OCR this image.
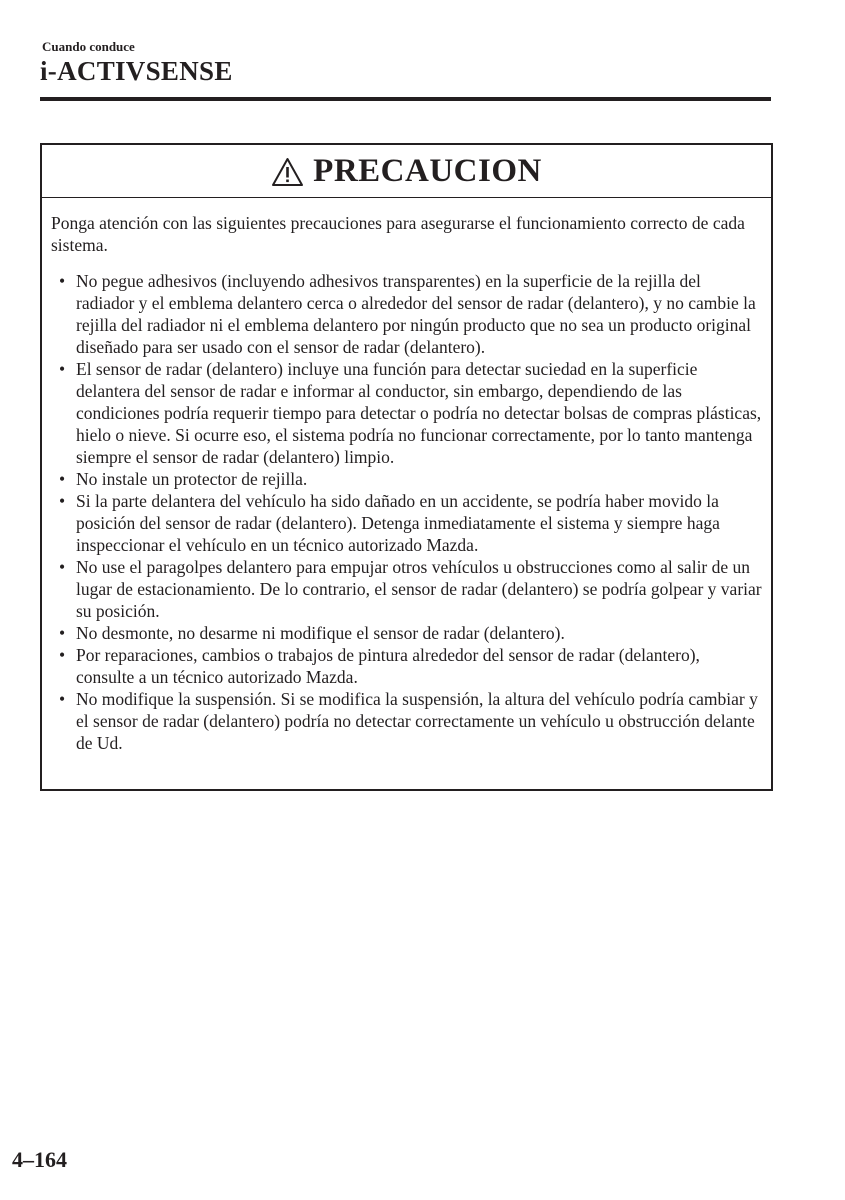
Cuando conduce
i-ACTIVSENSE
PRECAUCION

Ponga atención con las siguientes precauciones para asegurarse el funcionamiento correcto de cada sistema.

• No pegue adhesivos (incluyendo adhesivos transparentes) en la superficie de la rejilla del radiador y el emblema delantero cerca o alrededor del sensor de radar (delantero), y no cambie la rejilla del radiador ni el emblema delantero por ningún producto que no sea un producto original diseñado para ser usado con el sensor de radar (delantero).
• El sensor de radar (delantero) incluye una función para detectar suciedad en la superficie delantera del sensor de radar e informar al conductor, sin embargo, dependiendo de las condiciones podría requerir tiempo para detectar o podría no detectar bolsas de compras plásticas, hielo o nieve. Si ocurre eso, el sistema podría no funcionar correctamente, por lo tanto mantenga siempre el sensor de radar (delantero) limpio.
• No instale un protector de rejilla.
• Si la parte delantera del vehículo ha sido dañado en un accidente, se podría haber movido la posición del sensor de radar (delantero). Detenga inmediatamente el sistema y siempre haga inspeccionar el vehículo en un técnico autorizado Mazda.
• No use el paragolpes delantero para empujar otros vehículos u obstrucciones como al salir de un lugar de estacionamiento. De lo contrario, el sensor de radar (delantero) se podría golpear y variar su posición.
• No desmonte, no desarme ni modifique el sensor de radar (delantero).
• Por reparaciones, cambios o trabajos de pintura alrededor del sensor de radar (delantero), consulte a un técnico autorizado Mazda.
• No modifique la suspensión. Si se modifica la suspensión, la altura del vehículo podría cambiar y el sensor de radar (delantero) podría no detectar correctamente un vehículo u obstrucción delante de Ud.
4–164
